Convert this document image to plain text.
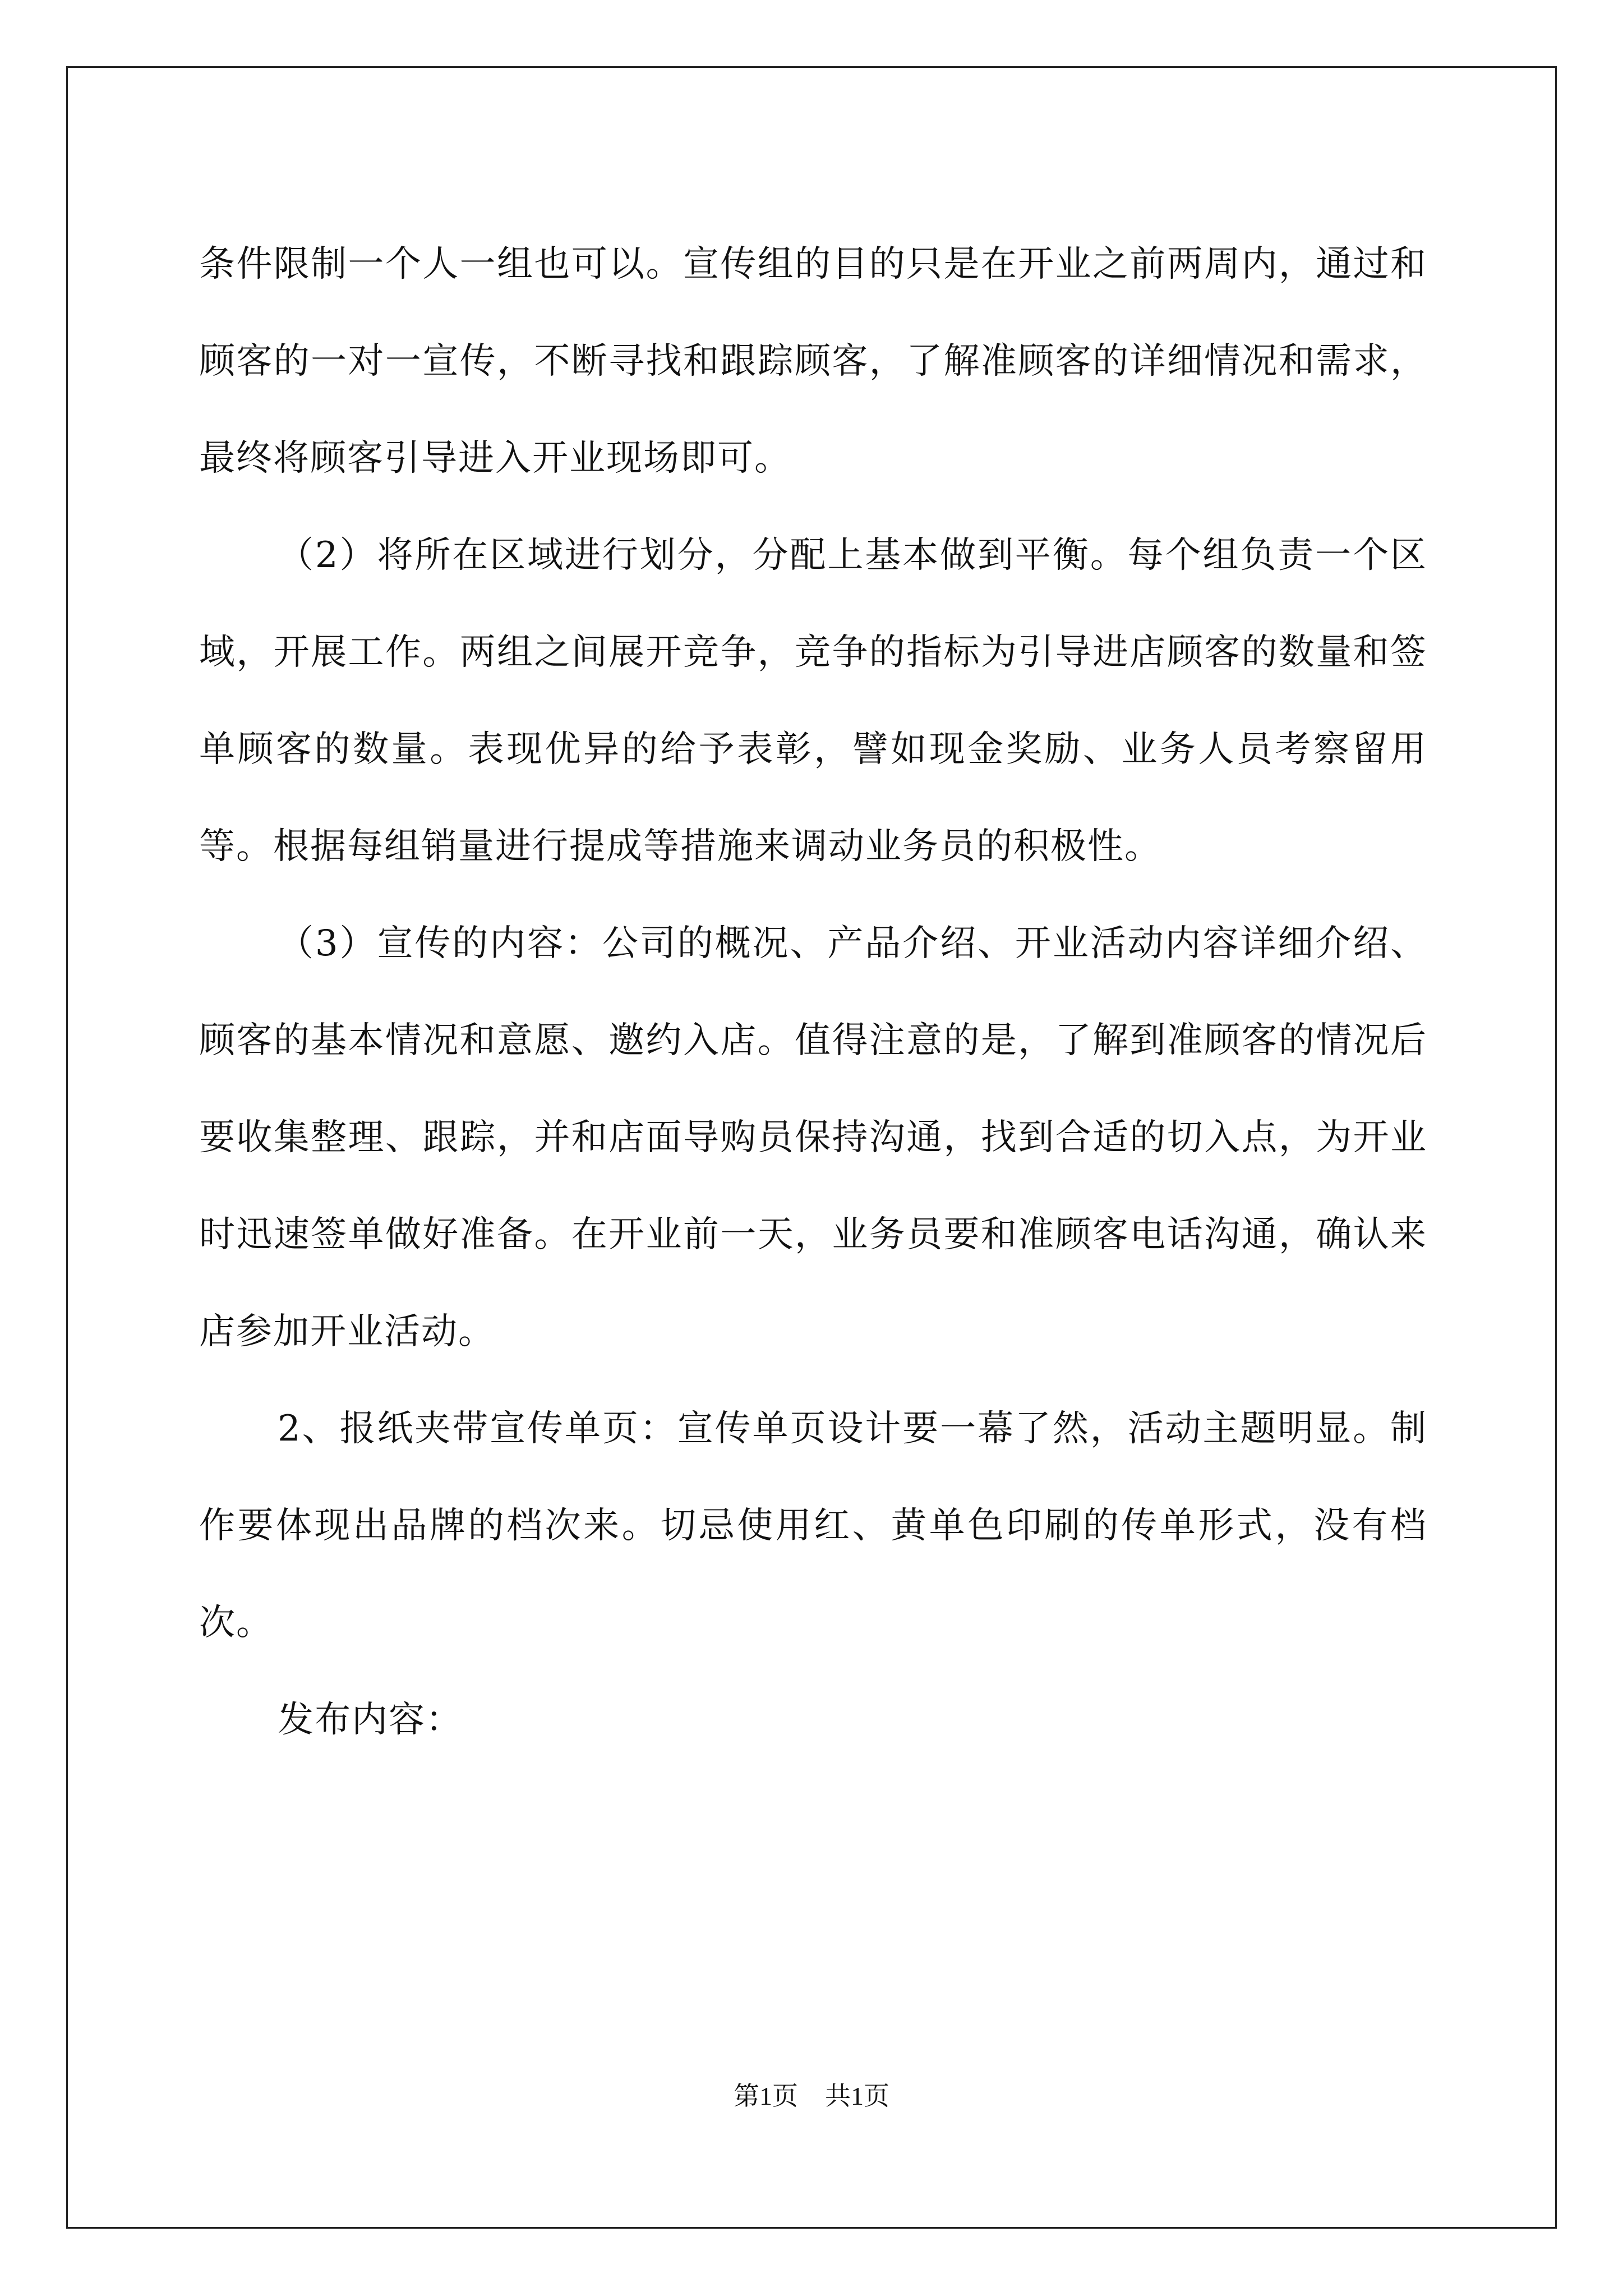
条件限制一个人一组也可以。宣传组的目的只是在开业之前两周内，通过和顾客的一对一宣传，不断寻找和跟踪顾客，了解准顾客的详细情况和需求，最终将顾客引导进入开业现场即可。

（2）将所在区域进行划分，分配上基本做到平衡。每个组负责一个区域，开展工作。两组之间展开竞争，竞争的指标为引导进店顾客的数量和签单顾客的数量。表现优异的给予表彰，譬如现金奖励、业务人员考察留用等。根据每组销量进行提成等措施来调动业务员的积极性。

（3）宣传的内容：公司的概况、产品介绍、开业活动内容详细介绍、顾客的基本情况和意愿、邀约入店。值得注意的是，了解到准顾客的情况后要收集整理、跟踪，并和店面导购员保持沟通，找到合适的切入点，为开业时迅速签单做好准备。在开业前一天，业务员要和准顾客电话沟通，确认来店参加开业活动。

2、报纸夹带宣传单页：宣传单页设计要一幕了然，活动主题明显。制作要体现出品牌的档次来。切忌使用红、黄单色印刷的传单形式，没有档次。

发布内容：

第1页 共1页
